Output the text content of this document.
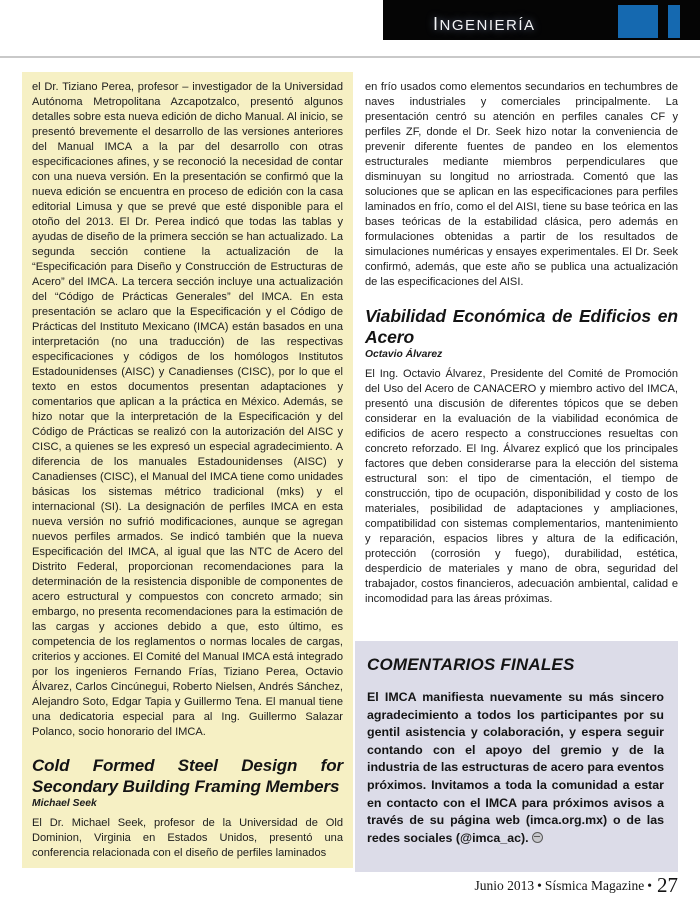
ingeniería

el Dr. Tiziano Perea, profesor – investigador de la Universidad Autónoma Metropolitana Azcapotzalco, presentó algunos detalles sobre esta nueva edición de dicho Manual. Al inicio, se presentó brevemente el desarrollo de las versiones anteriores del Manual IMCA a la par del desarrollo con otras especificaciones afines, y se reconoció la necesidad de contar con una nueva versión. En la presentación se confirmó que la nueva edición se encuentra en proceso de edición con la casa editorial Limusa y que se prevé que esté disponible para el otoño del 2013. El Dr. Perea indicó que todas las tablas y ayudas de diseño de la primera sección se han actualizado. La segunda sección contiene la actualización de la “Especificación para Diseño y Construcción de Estructuras de Acero” del IMCA. La tercera sección incluye una actualización del “Código de Prácticas Generales” del IMCA. En esta presentación se aclaro que la Especificación y el Código de Prácticas del Instituto Mexicano (IMCA) están basados en una interpretación (no una traducción) de las respectivas especificaciones y códigos de los homólogos Institutos Estadounidenses (AISC) y Canadienses (CISC), por lo que el texto en estos documentos presentan adaptaciones y comentarios que aplican a la práctica en México. Además, se hizo notar que la interpretación de la Especificación y del Código de Prácticas se realizó con la autorización del AISC y CISC, a quienes se les expresó un especial agradecimiento. A diferencia de los manuales Estadounidenses (AISC) y Canadienses (CISC), el Manual del IMCA tiene como unidades básicas los sistemas métrico tradicional (mks) y el internacional (SI). La designación de perfiles IMCA en esta nueva versión no sufrió modificaciones, aunque se agregan nuevos perfiles armados. Se indicó también que la nueva Especificación del IMCA, al igual que las NTC de Acero del Distrito Federal, proporcionan recomendaciones para la determinación de la resistencia disponible de componentes de acero estructural y compuestos con concreto armado; sin embargo, no presenta recomendaciones para la estimación de las cargas y acciones debido a que, esto último, es competencia de los reglamentos o normas locales de cargas, criterios y acciones. El Comité del Manual IMCA está integrado por los ingenieros Fernando Frías, Tiziano Perea, Octavio Álvarez, Carlos Cincúnegui, Roberto Nielsen, Andrés Sánchez, Alejandro Soto, Edgar Tapia y Guillermo Tena. El manual tiene una dedicatoria especial para al Ing. Guillermo Salazar Polanco, socio honorario del IMCA.

Cold Formed Steel Design for Secondary Building Framing Members
Michael Seek

El Dr. Michael Seek, profesor de la Universidad de Old Dominion, Virginia en Estados Unidos, presentó una conferencia relacionada con el diseño de perfiles laminados

en frío usados como elementos secundarios en techumbres de naves industriales y comerciales principalmente. La presentación centró su atención en perfiles canales CF y perfiles ZF, donde el Dr. Seek hizo notar la conveniencia de prevenir diferente fuentes de pandeo en los elementos estructurales mediante miembros perpendiculares que disminuyan su longitud no arriostrada. Comentó que las soluciones que se aplican en las especificaciones para perfiles laminados en frío, como el del AISI, tiene su base teórica en las bases teóricas de la estabilidad clásica, pero además en formulaciones obtenidas a partir de los resultados de simulaciones numéricas y ensayes experimentales. El Dr. Seek confirmó, además, que este año se publica una actualización de las especificaciones del AISI.

Viabilidad Económica de Edificios en Acero
Octavio Álvarez

El Ing. Octavio Álvarez, Presidente del Comité de Promoción del Uso del Acero de CANACERO y miembro activo del IMCA, presentó una discusión de diferentes tópicos que se deben considerar en la evaluación de la viabilidad económica de edificios de acero respecto a construcciones resueltas con concreto reforzado. El Ing. Álvarez explicó que los principales factores que deben considerarse para la elección del sistema estructural son: el tipo de cimentación, el tiempo de construcción, tipo de ocupación, disponibilidad y costo de los materiales, posibilidad de adaptaciones y ampliaciones, compatibilidad con sistemas complementarios, mantenimiento y reparación, espacios libres y altura de la edificación, protección (corrosión y fuego), durabilidad, estética, desperdicio de materiales y mano de obra, seguridad del trabajador, costos financieros, adecuación ambiental, calidad e incomodidad para las áreas próximas.

COMENTARIOS FINALES

El IMCA manifiesta nuevamente su más sincero agradecimiento a todos los participantes por su gentil asistencia y colaboración, y espera seguir contando con el apoyo del gremio y de la industria de las estructuras de acero para eventos próximos. Invitamos a toda la comunidad a estar en contacto con el IMCA para próximos avisos a través de su página web (imca.org.mx) o de las redes sociales (@imca_ac).

Junio 2013 • Sísmica Magazine • 27
